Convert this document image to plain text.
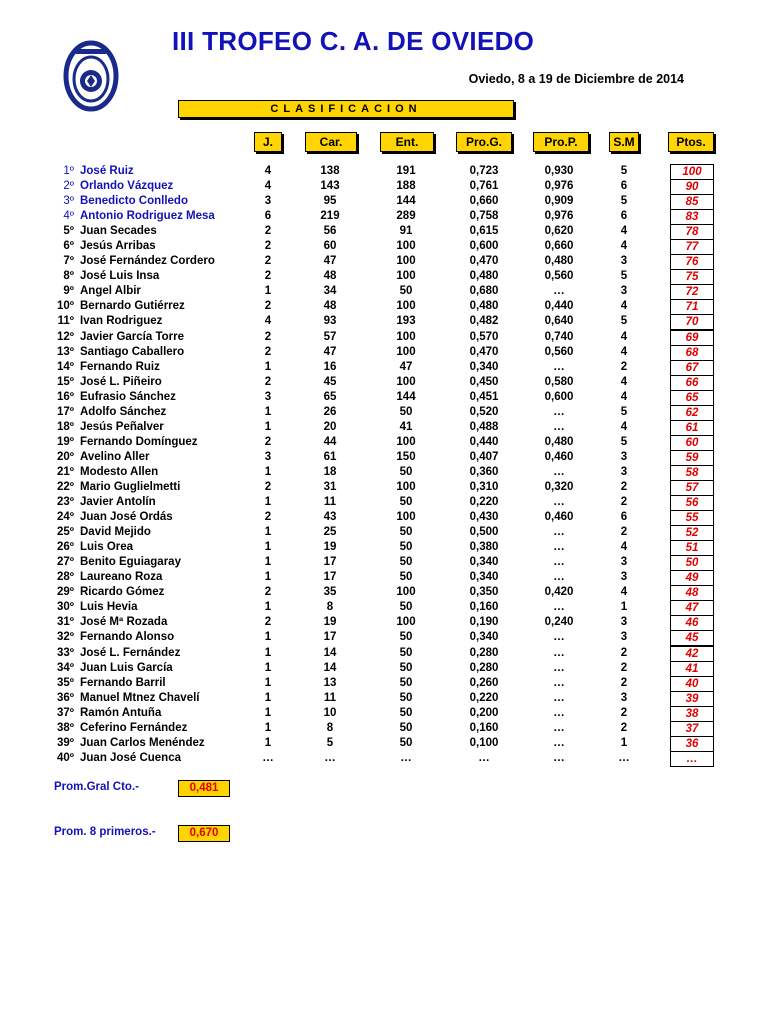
III TROFEO C. A. DE OVIEDO
Oviedo, 8 a 19 de Diciembre de 2014
CLASIFICACION
J.	Car.	Ent.	Pro.G.	Pro.P.	S.M	Ptos.
1º José Ruiz	4	138	191	0,723	0,930	5	100
2º Orlando Vázquez	4	143	188	0,761	0,976	6	90
3º Benedicto Conlledo	3	95	144	0,660	0,909	5	85
4º Antonio Rodriguez Mesa	6	219	289	0,758	0,976	6	83
5º Juan Secades	2	56	91	0,615	0,620	4	78
6º Jesús Arribas	2	60	100	0,600	0,660	4	77
7º José Fernández Cordero	2	47	100	0,470	0,480	3	76
8º José Luis Insa	2	48	100	0,480	0,560	5	75
9º Angel Albir	1	34	50	0,680	…	3	72
10º Bernardo Gutiérrez	2	48	100	0,480	0,440	4	71
11º Ivan Rodriguez	4	93	193	0,482	0,640	5	70
12º Javier García Torre	2	57	100	0,570	0,740	4	69
13º Santiago Caballero	2	47	100	0,470	0,560	4	68
14º Fernando Ruiz	1	16	47	0,340	…	2	67
15º José L. Piñeiro	2	45	100	0,450	0,580	4	66
16º Eufrasio Sánchez	3	65	144	0,451	0,600	4	65
17º Adolfo Sánchez	1	26	50	0,520	…	5	62
18º Jesús Peñalver	1	20	41	0,488	…	4	61
19º Fernando Domínguez	2	44	100	0,440	0,480	5	60
20º Avelino Aller	3	61	150	0,407	0,460	3	59
21º Modesto Allen	1	18	50	0,360	…	3	58
22º Mario Guglielmetti	2	31	100	0,310	0,320	2	57
23º Javier Antolín	1	11	50	0,220	…	2	56
24º Juan José Ordás	2	43	100	0,430	0,460	6	55
25º David Mejido	1	25	50	0,500	…	2	52
26º Luis Orea	1	19	50	0,380	…	4	51
27º Benito Eguiagaray	1	17	50	0,340	…	3	50
28º Laureano Roza	1	17	50	0,340	…	3	49
29º Ricardo Gómez	2	35	100	0,350	0,420	4	48
30º Luis Hevia	1	8	50	0,160	…	1	47
31º José Mª Rozada	2	19	100	0,190	0,240	3	46
32º Fernando Alonso	1	17	50	0,340	…	3	45
33º José L. Fernández	1	14	50	0,280	…	2	42
34º Juan Luis García	1	14	50	0,280	…	2	41
35º Fernando Barril	1	13	50	0,260	…	2	40
36º Manuel Mtnez Chavelí	1	11	50	0,220	…	3	39
37º Ramón Antuña	1	10	50	0,200	…	2	38
38º Ceferino Fernández	1	8	50	0,160	…	2	37
39º Juan Carlos Menéndez	1	5	50	0,100	…	1	36
40º Juan José Cuenca	…	…	…	…	…	…	…
Prom.Gral Cto.-	0,481
Prom. 8 primeros.-	0,670
